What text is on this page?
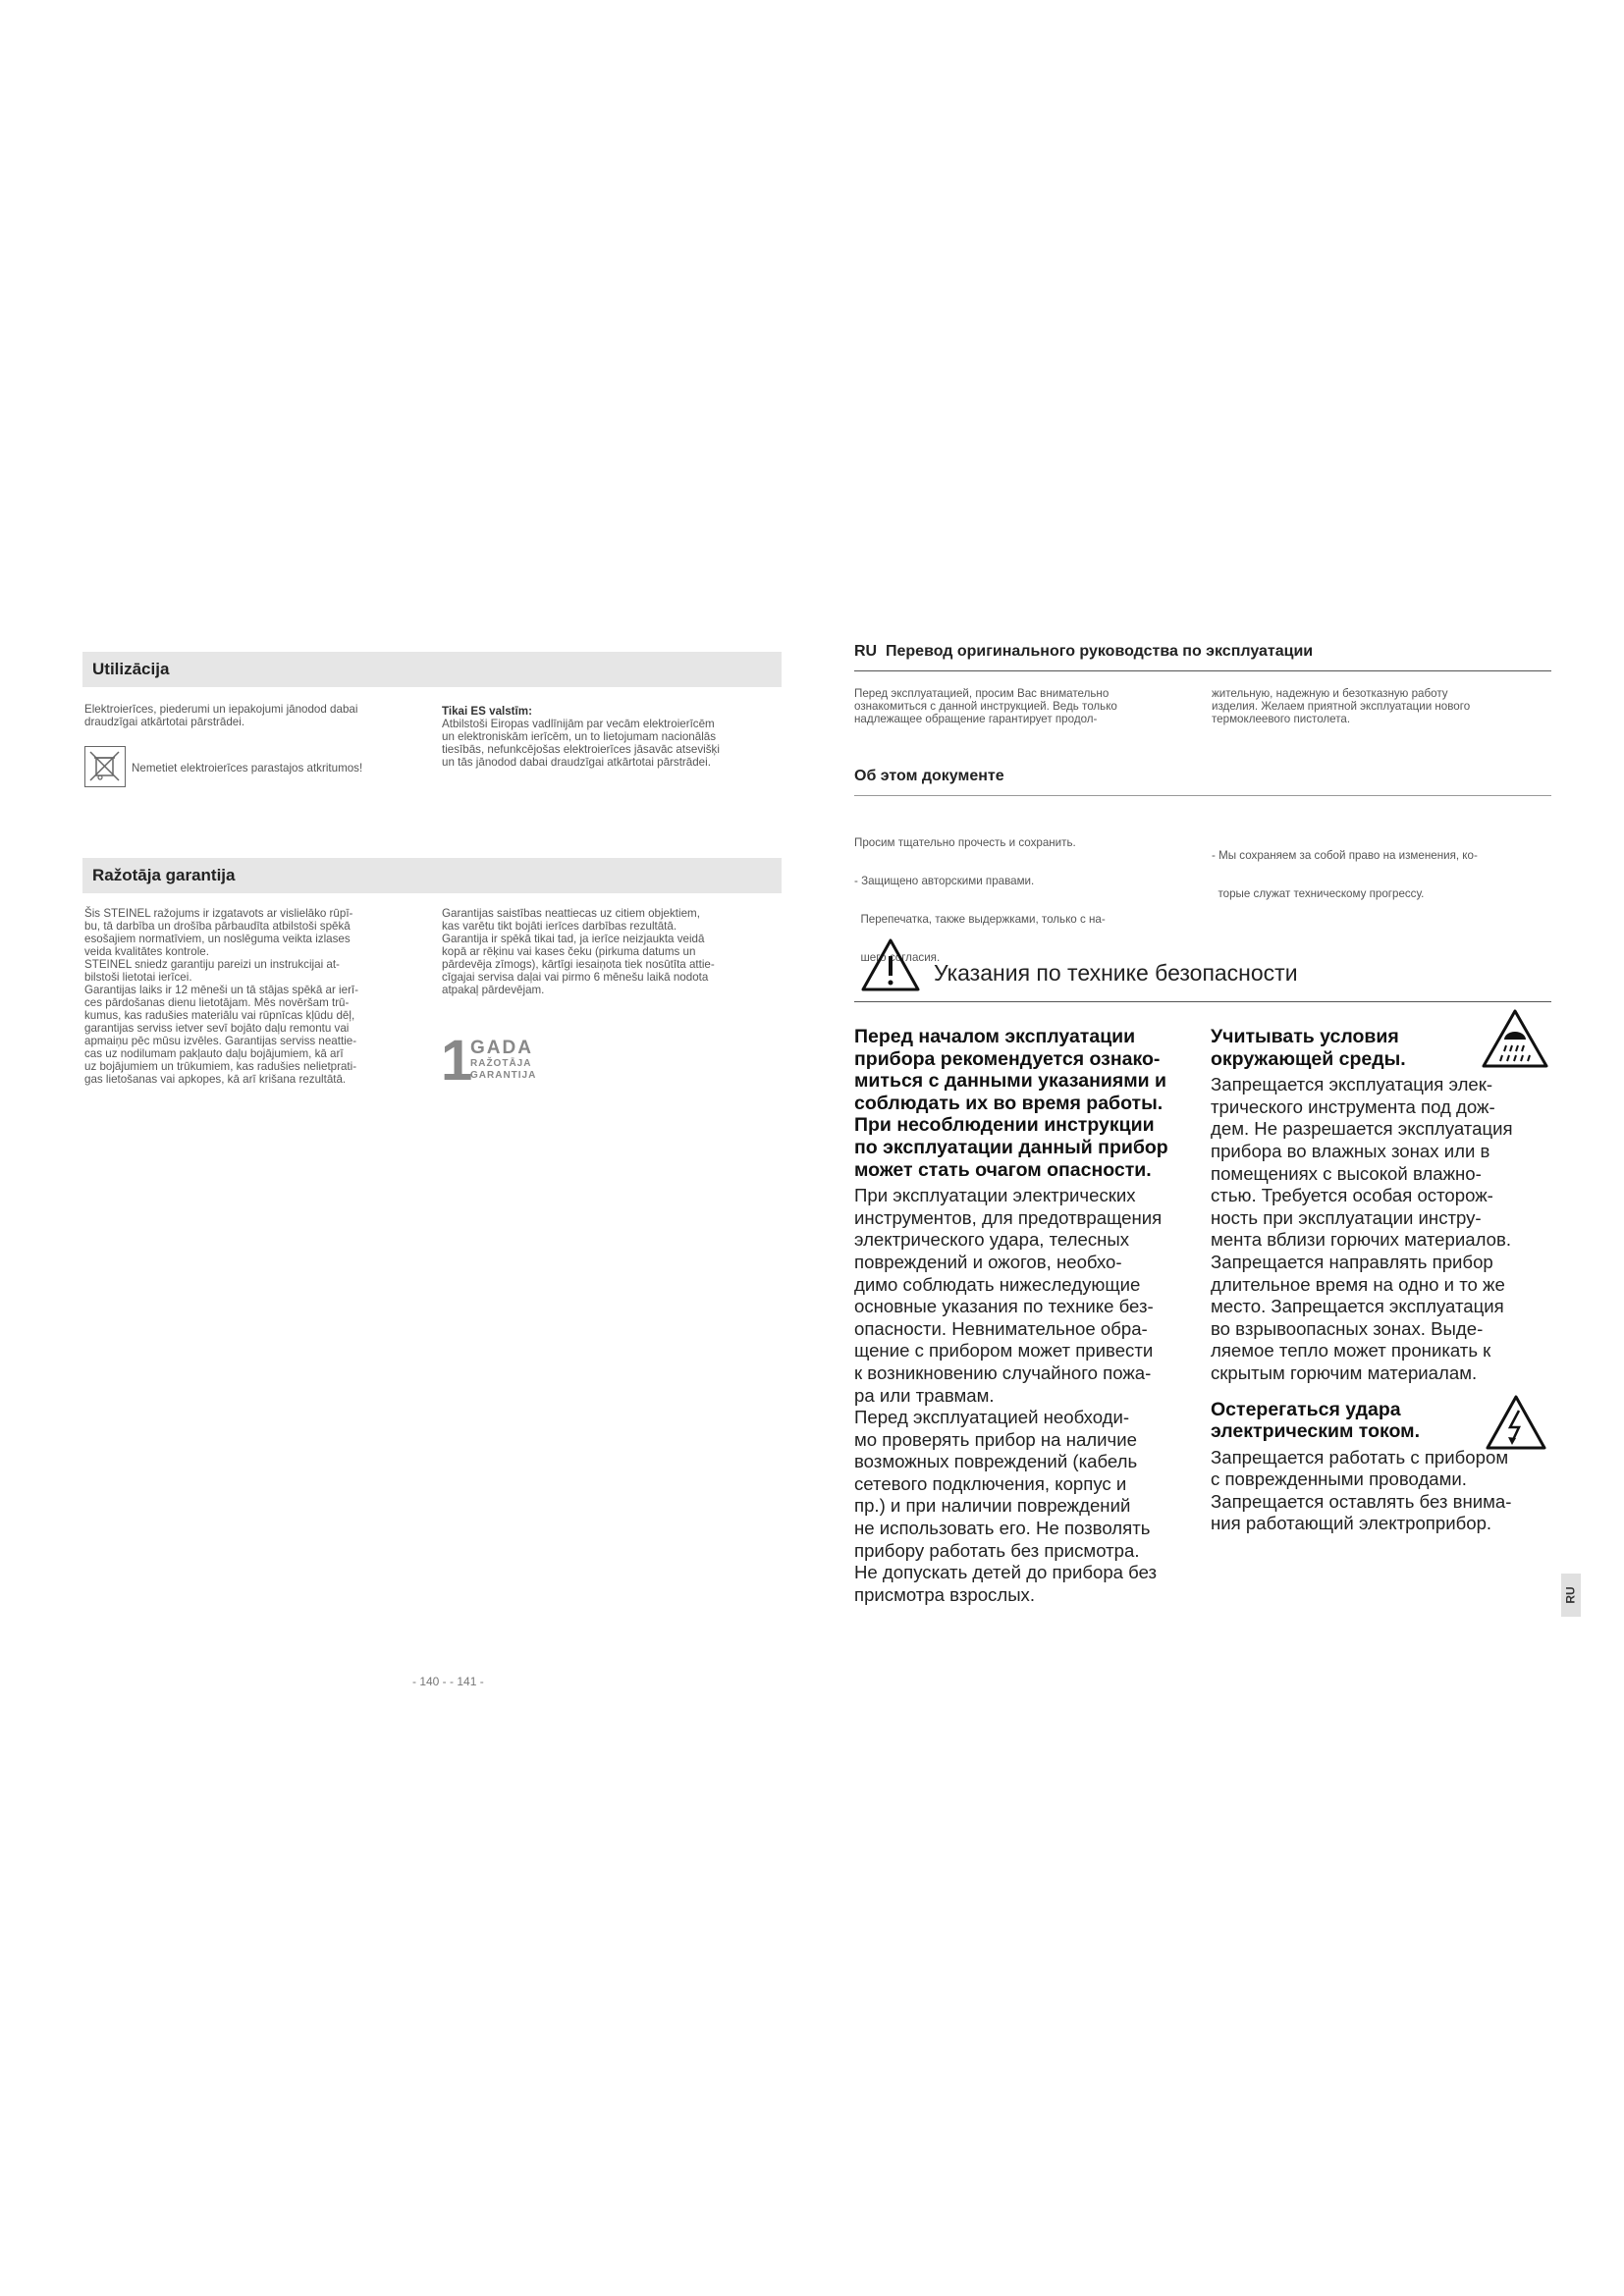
Utilizācija

Elektroierīces, piederumi un iepakojumi jānodod dabai

draudzīgai atkārtotai pārstrādei.

Nemetiet elektroierīces parastajos atkritumos!

Tikai ES valstīm:

Atbilstoši Eiropas vadlīnijām par vecām elektroierīcēm

un elektroniskām ierīcēm, un to lietojumam nacionālās

tiesībās, nefunkcējošas elektroierīces jāsavāc atsevišķi

un tās jānodod dabai draudzīgai atkārtotai pārstrādei.

Ražotāja garantija

Šis STEINEL ražojums ir izgatavots ar vislielāko rūpī-

bu, tā darbība un drošība pārbaudīta atbilstoši spēkā

esošajiem normatīviem, un noslēguma veikta izlases

veida kvalitātes kontrole.

STEINEL sniedz garantiju pareizi un instrukcijai at-

bilstoši lietotai ierīcei.

Garantijas laiks ir 12 mēneši un tā stājas spēkā ar ierī-

ces pārdošanas dienu lietotājam. Mēs novēršam trū-

kumus, kas radušies materiālu vai rūpnīcas kļūdu dēļ,

garantijas serviss ietver sevī bojāto daļu remontu vai

apmaiņu pēc mūsu izvēles. Garantijas serviss neattie-

cas uz nodilumam pakļauto daļu bojājumiem, kā arī

uz bojājumiem un trūkumiem, kas radušies nelietprati-

gas lietošanas vai apkopes, kā arī krišana rezultātā.

Garantijas saistības neattiecas uz citiem objektiem,

kas varētu tikt bojāti ierīces darbības rezultātā.

Garantija ir spēkā tikai tad, ja ierīce neizjaukta veidā

kopā ar rēķinu vai kases čeku (pirkuma datums un

pārdevēja zīmogs), kārtīgi iesaiņota tiek nosūtīta attie-

cīgajai servisa daļai vai pirmo 6 mēnešu laikā nodota

atpakaļ pārdevējam.

1
GADA
RAŽOTĀJA
GARANTIJA
- 140 - - 141 -
RU Перевод оригинального руководства по эксплуатации

Перед эксплуатацией, просим Вас внимательно

ознакомиться с данной инструкцией. Ведь только

надлежащее обращение гарантирует продол-

жительную, надежную и безотказную работу

изделия. Желаем приятной эксплуатации нового

термоклеевого пистолета.

Об этом документе

Просим тщательно прочесть и сохранить.

- Защищено авторскими правами.

Перепечатка, также выдержками, только с на-

шего согласия.

- Мы сохраняем за собой право на изменения, ко-

торые служат техническому прогрессу.

Указания по технике безопасности
Перед началом эксплуатации
прибора рекомендуется ознако-
миться с данными указаниями и
соблюдать их во время работы.
При несоблюдении инструкции
по эксплуатации данный прибор
может стать очагом опасности.

При эксплуатации электрических

инструментов, для предотвращения

электрического удара, телесных

повреждений и ожогов, необхо-

димо соблюдать нижеследующие

основные указания по технике без-

опасности. Невнимательное обра-

щение с прибором может привести

к возникновению случайного пожа-

ра или травмам.

Перед эксплуатацией необходи-

мо проверять прибор на наличие

возможных повреждений (кабель

сетевого подключения, корпус и

пр.) и при наличии повреждений

не использовать его. Не позволять

прибору работать без присмотра.

Не допускать детей до прибора без

присмотра взрослых.

Учитывать условия
окружающей среды.

Запрещается эксплуатация элек-

трического инструмента под дож-

дем. Не разрешается эксплуатация

прибора во влажных зонах или в

помещениях с высокой влажно-

стью. Требуется особая осторож-

ность при эксплуатации инстру-

мента вблизи горючих материалов.

Запрещается направлять прибор

длительное время на одно и то же

место. Запрещается эксплуатация

во взрывоопасных зонах. Выде-

ляемое тепло может проникать к

скрытым горючим материалам.

Остерегаться удара
электрическим током.

Запрещается работать с прибором

с поврежденными проводами.

Запрещается оставлять без внима-

ния работающий электроприбор.

RU
